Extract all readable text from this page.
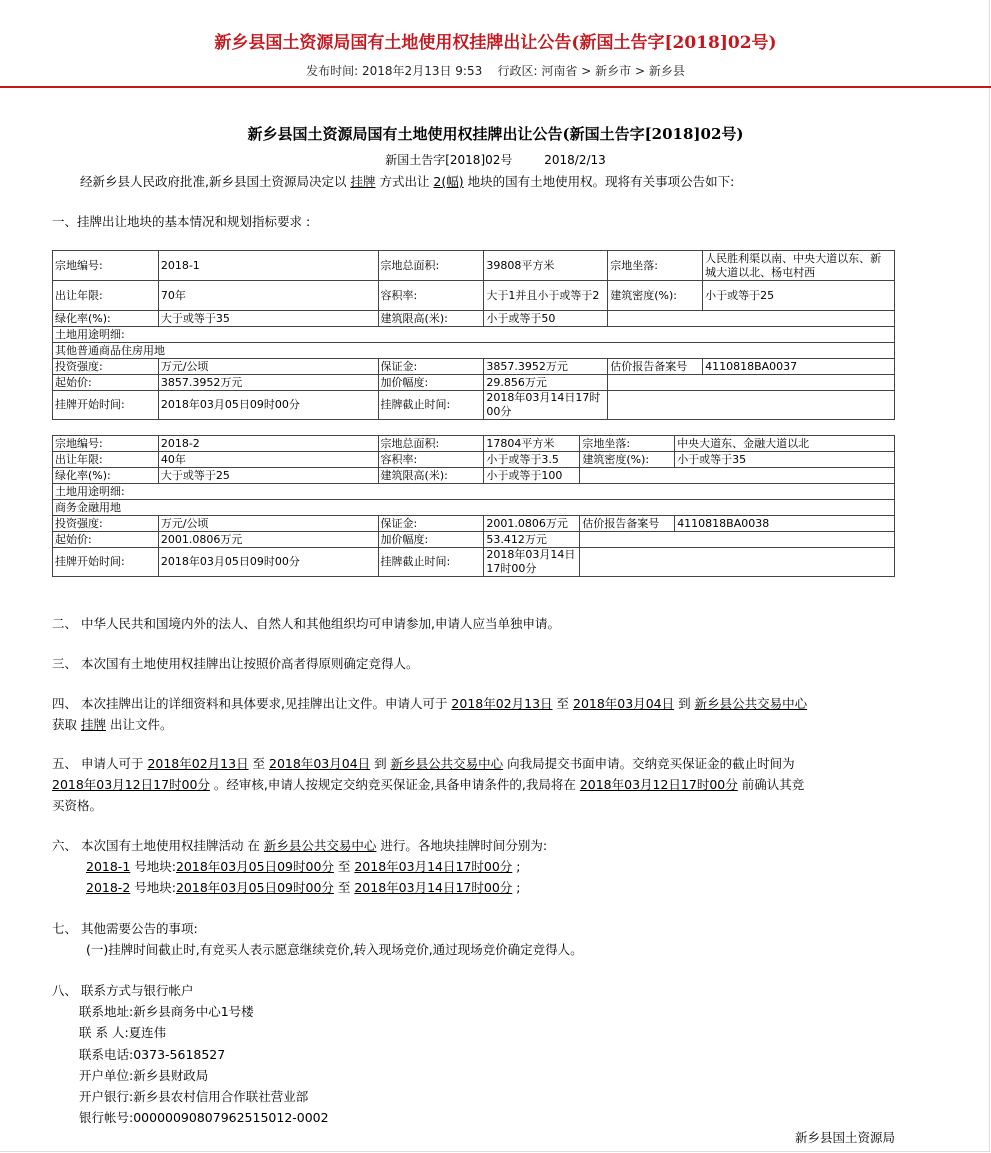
新乡县国土资源局国有土地使用权挂牌出让公告(新国土告字[2018]02号)
发布时间: 2018年2月13日 9:53 行政区: 河南省 > 新乡市 > 新乡县
新乡县国土资源局国有土地使用权挂牌出让公告(新国土告字[2018]02号)
新国土告字[2018]02号	2018/2/13
经新乡县人民政府批准,新乡县国土资源局决定以 挂牌 方式出让 2(幅) 地块的国有土地使用权。现将有关事项公告如下:
一、挂牌出让地块的基本情况和规划指标要求 :
宗地编号:	2018-1	宗地总面积:	39808平方米	宗地坐落:	人民胜利渠以南、中央大道以东、新城大道以北、杨屯村西
出让年限:	70年	容积率:	大于1并且小于或等于2	建筑密度(%):	小于或等于25
绿化率(%):	大于或等于35	建筑限高(米):	小于或等于50		
土地用途明细:					
其他普通商品住房用地					
投资强度:	万元/公顷	保证金:	3857.3952万元	估价报告备案号	4110818BA0037
起始价:	3857.3952万元	加价幅度:	29.856万元		
挂牌开始时间:	2018年03月05日09时00分	挂牌截止时间:	2018年03月14日17时00分		
宗地编号:	2018-2	宗地总面积:	17804平方米	宗地坐落:	中央大道东、金融大道以北
出让年限:	40年	容积率:	小于或等于3.5	建筑密度(%):	小于或等于35
绿化率(%):	大于或等于25	建筑限高(米):	小于或等于100		
土地用途明细:					
商务金融用地					
投资强度:	万元/公顷	保证金:	2001.0806万元	估价报告备案号	4110818BA0038
起始价:	2001.0806万元	加价幅度:	53.412万元		
挂牌开始时间:	2018年03月05日09时00分	挂牌截止时间:	2018年03月14日17时00分		
二、 中华人民共和国境内外的法人、自然人和其他组织均可申请参加,申请人应当单独申请。
三、 本次国有土地使用权挂牌出让按照价高者得原则确定竞得人。
四、 本次挂牌出让的详细资料和具体要求,见挂牌出让文件。申请人可于 2018年02月13日 至 2018年03月04日 到 新乡县公共交易中心
获取 挂牌 出让文件。
五、 申请人可于 2018年02月13日 至 2018年03月04日 到 新乡县公共交易中心 向我局提交书面申请。交纳竞买保证金的截止时间为
2018年03月12日17时00分 。经审核,申请人按规定交纳竞买保证金,具备申请条件的,我局将在 2018年03月12日17时00分 前确认其竞
买资格。
六、 本次国有土地使用权挂牌活动 在 新乡县公共交易中心 进行。各地块挂牌时间分别为:
2018-1 号地块:2018年03月05日09时00分 至 2018年03月14日17时00分 ;
2018-2 号地块:2018年03月05日09时00分 至 2018年03月14日17时00分 ;
七、 其他需要公告的事项:
(一)挂牌时间截止时,有竞买人表示愿意继续竞价,转入现场竞价,通过现场竞价确定竞得人。
八、 联系方式与银行帐户
联系地址:新乡县商务中心1号楼
联 系 人:夏连伟
联系电话:0373-5618527
开户单位:新乡县财政局
开户银行:新乡县农村信用合作联社营业部
银行帐号:00000090807962515012-0002
新乡县国土资源局
